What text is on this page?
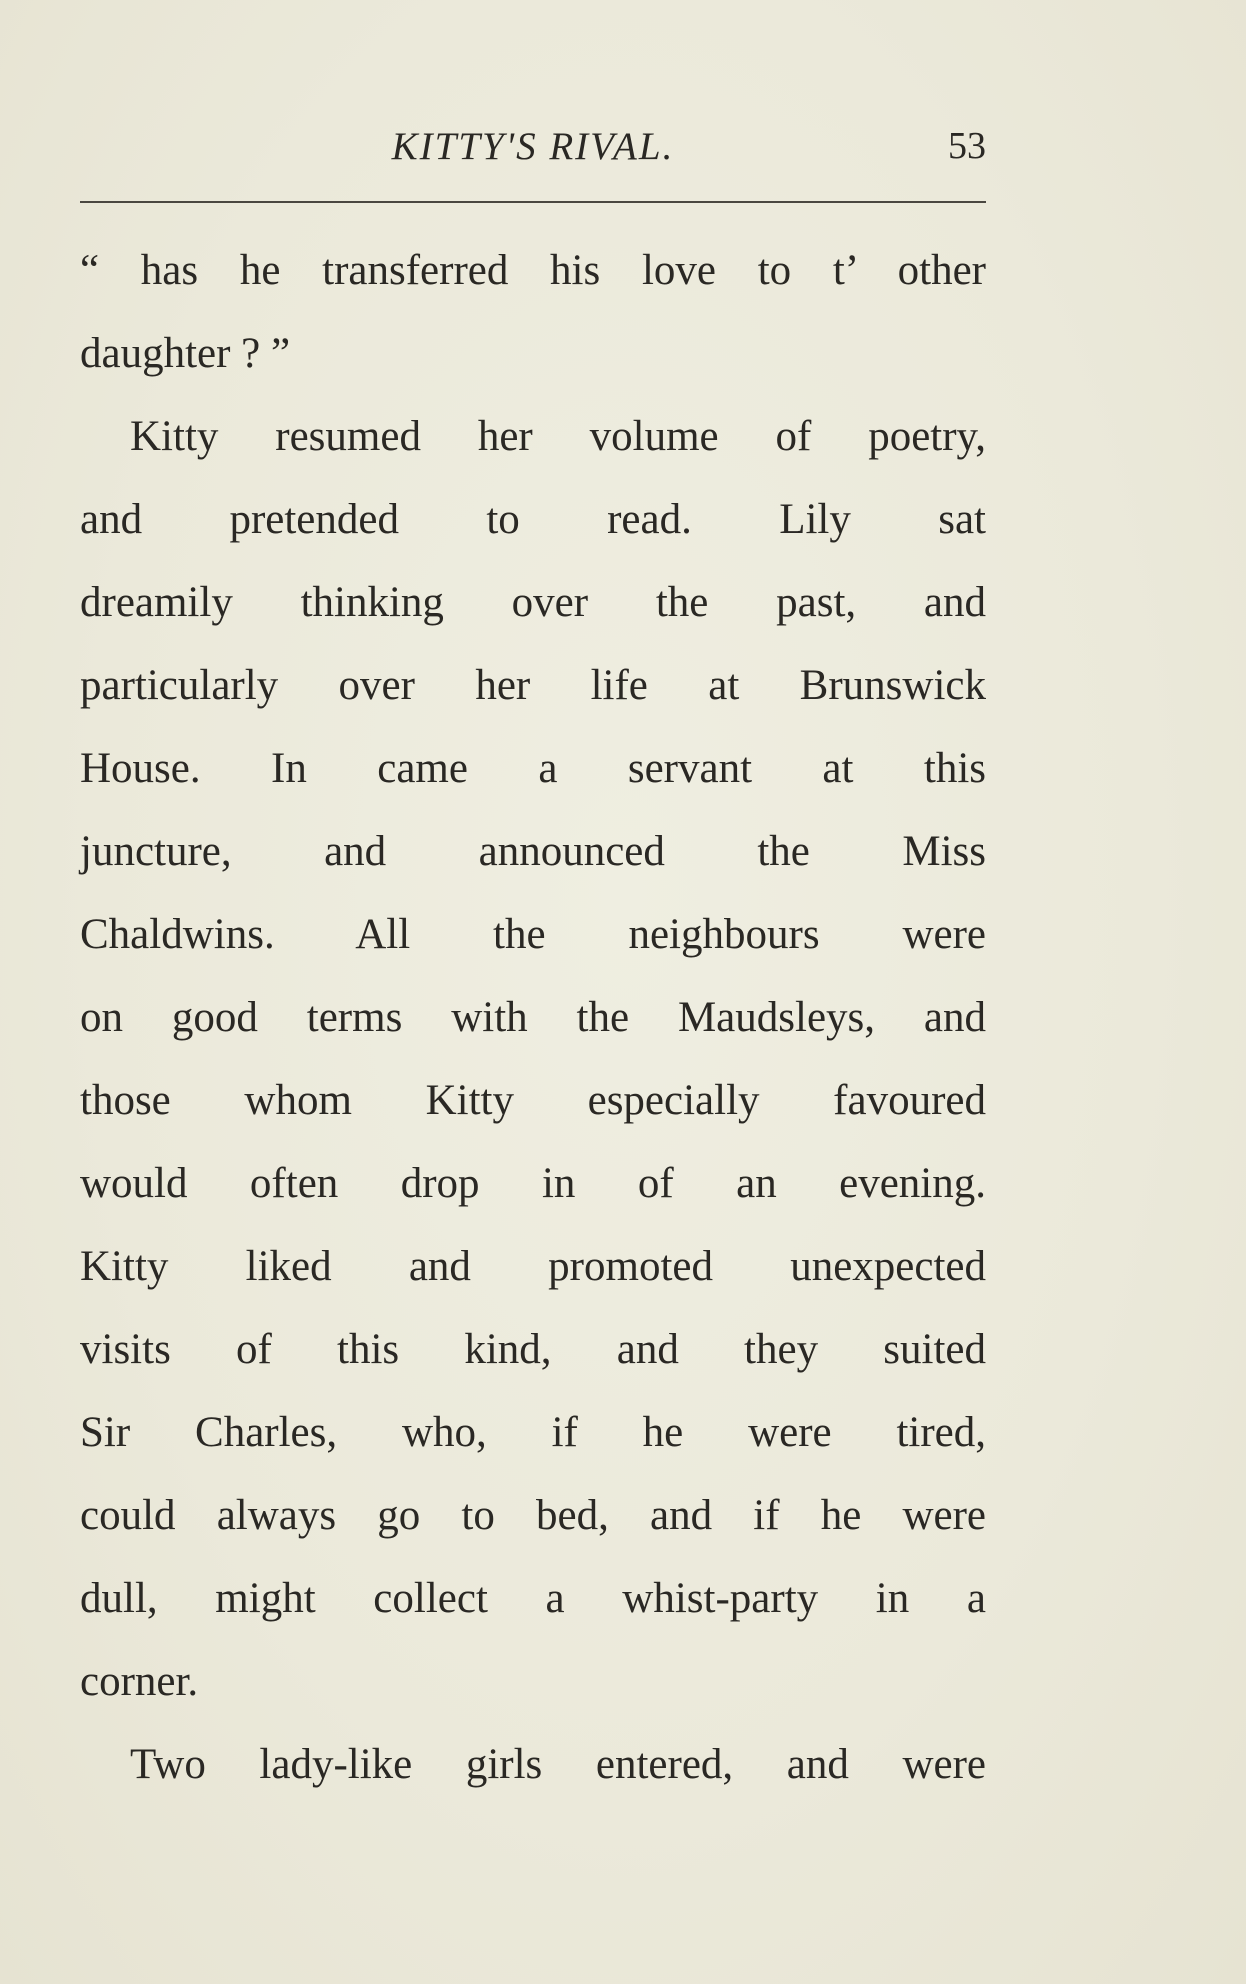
KITTY'S RIVAL.	53
“ has he transferred his love to t’ other
daughter ? ”
Kitty resumed her volume of poetry,
and pretended to read. Lily sat
dreamily thinking over the past, and
particularly over her life at Brunswick
House. In came a servant at this
juncture, and announced the Miss
Chaldwins. All the neighbours were
on good terms with the Maudsleys, and
those whom Kitty especially favoured
would often drop in of an evening.
Kitty liked and promoted unexpected
visits of this kind, and they suited
Sir Charles, who, if he were tired,
could always go to bed, and if he were
dull, might collect a whist-party in a
corner.
Two lady-like girls entered, and were
